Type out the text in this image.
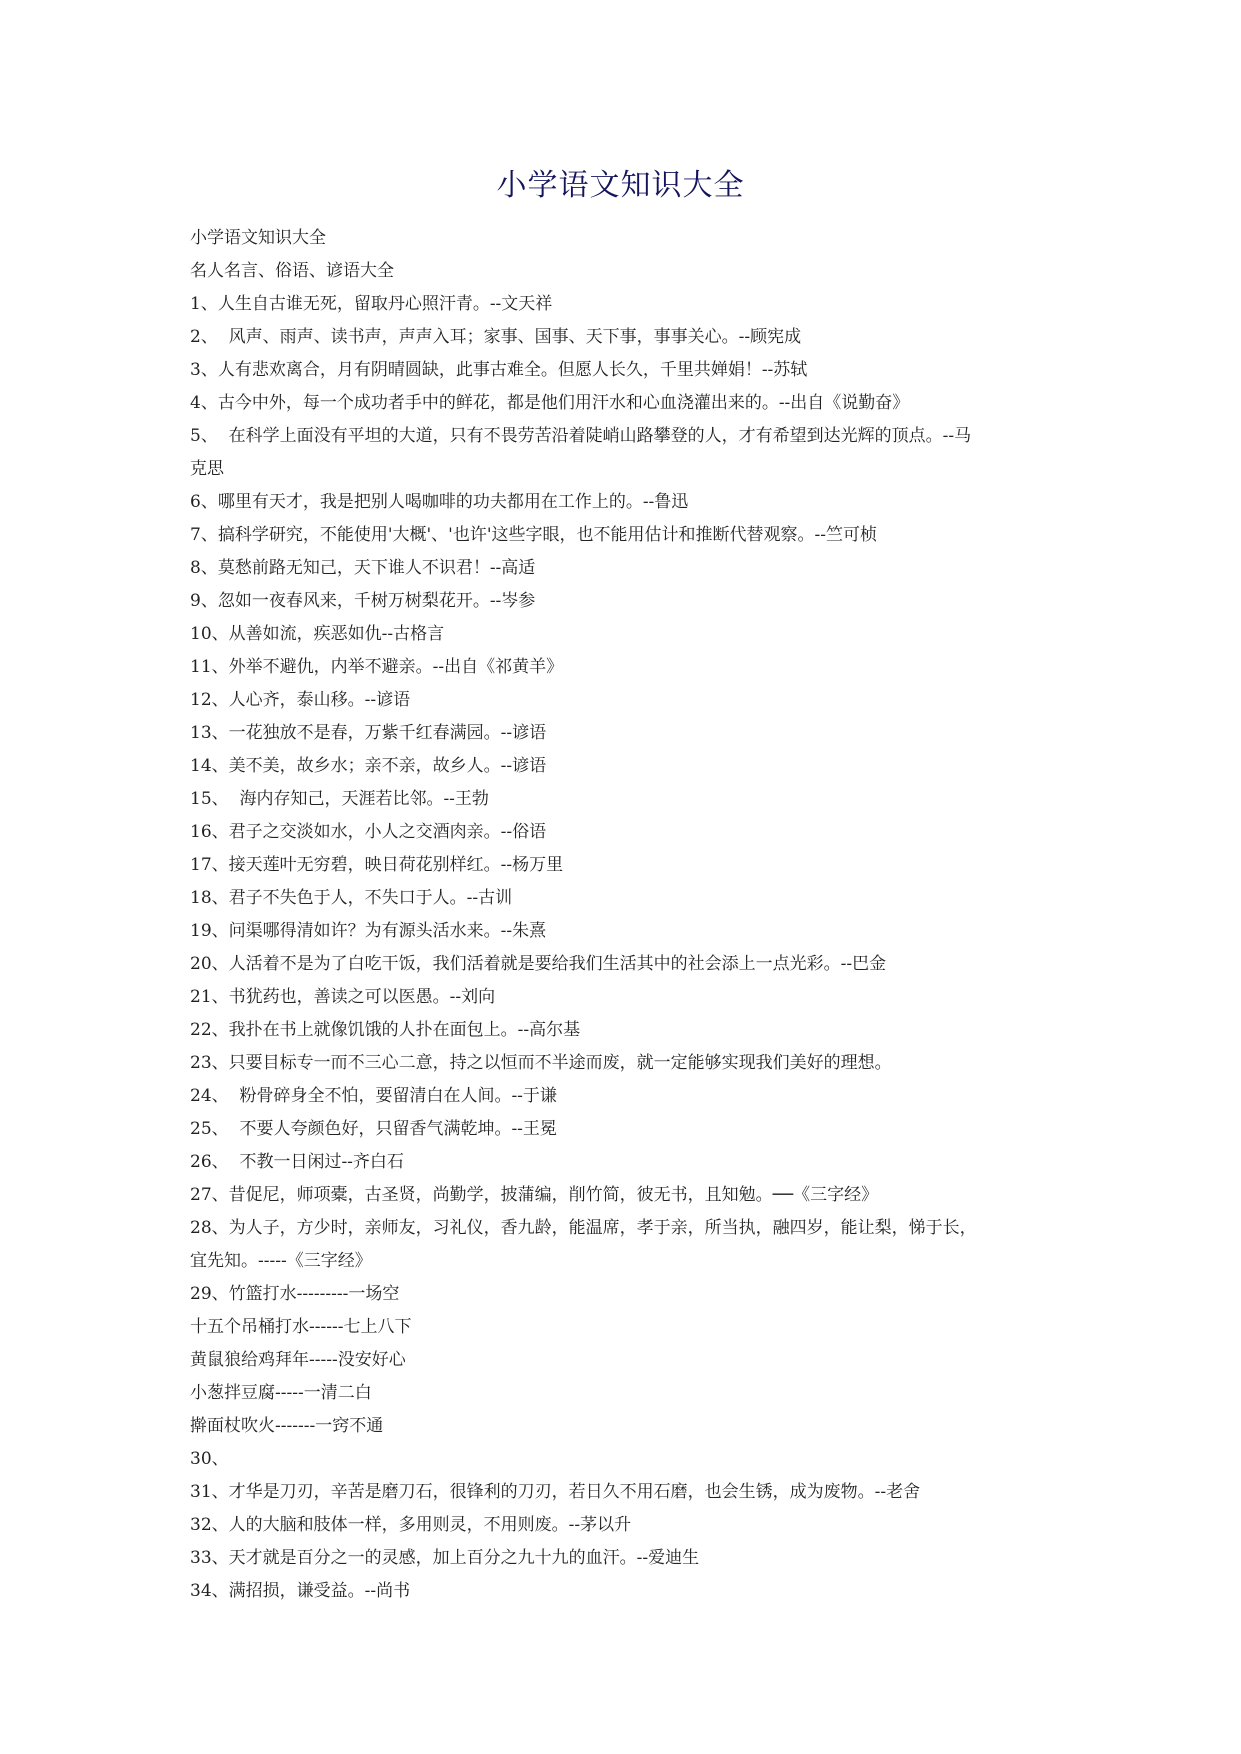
小学语文知识大全

小学语文知识大全

名人名言、俗语、谚语大全

1、人生自古谁无死，留取丹心照汗青。--文天祥

2、  风声、雨声、读书声，声声入耳；家事、国事、天下事，事事关心。--顾宪成

3、人有悲欢离合，月有阴晴圆缺，此事古难全。但愿人长久，千里共婵娟！--苏轼

4、古今中外，每一个成功者手中的鲜花，都是他们用汗水和心血浇灌出来的。--出自《说勤奋》

5、  在科学上面没有平坦的大道，只有不畏劳苦沿着陡峭山路攀登的人，才有希望到达光辉的顶点。--马

克思

6、哪里有天才，我是把别人喝咖啡的功夫都用在工作上的。--鲁迅

7、搞科学研究，不能使用'大概'、'也许'这些字眼，也不能用估计和推断代替观察。--竺可桢

8、莫愁前路无知己，天下谁人不识君！--高适

9、忽如一夜春风来，千树万树梨花开。--岑参

10、从善如流，疾恶如仇--古格言

11、外举不避仇，内举不避亲。--出自《祁黄羊》

12、人心齐，泰山移。--谚语

13、一花独放不是春，万紫千红春满园。--谚语

14、美不美，故乡水；亲不亲，故乡人。--谚语

15、  海内存知己，天涯若比邻。--王勃

16、君子之交淡如水，小人之交酒肉亲。--俗语

17、接天莲叶无穷碧，映日荷花别样红。--杨万里

18、君子不失色于人，不失口于人。--古训

19、问渠哪得清如许？为有源头活水来。--朱熹

20、人活着不是为了白吃干饭，我们活着就是要给我们生活其中的社会添上一点光彩。--巴金

21、书犹药也，善读之可以医愚。--刘向

22、我扑在书上就像饥饿的人扑在面包上。--高尔基

23、只要目标专一而不三心二意，持之以恒而不半途而废，就一定能够实现我们美好的理想。

24、  粉骨碎身全不怕，要留清白在人间。--于谦

25、  不要人夸颜色好，只留香气满乾坤。--王冕

26、  不教一日闲过--齐白石

27、昔促尼，师项橐，古圣贤，尚勤学，披蒲编，削竹简，彼无书，且知勉。──《三字经》

28、为人子，方少时，亲师友，习礼仪，香九龄，能温席，孝于亲，所当执，融四岁，能让梨，悌于长，

宜先知。-----《三字经》

29、竹篮打水---------一场空

十五个吊桶打水------七上八下

黄鼠狼给鸡拜年-----没安好心

小葱拌豆腐-----一清二白

擀面杖吹火-------一窍不通

30、

31、才华是刀刃，辛苦是磨刀石，很锋利的刀刃，若日久不用石磨，也会生锈，成为废物。--老舍

32、人的大脑和肢体一样，多用则灵，不用则废。--茅以升

33、天才就是百分之一的灵感，加上百分之九十九的血汗。--爱迪生

34、满招损，谦受益。--尚书
